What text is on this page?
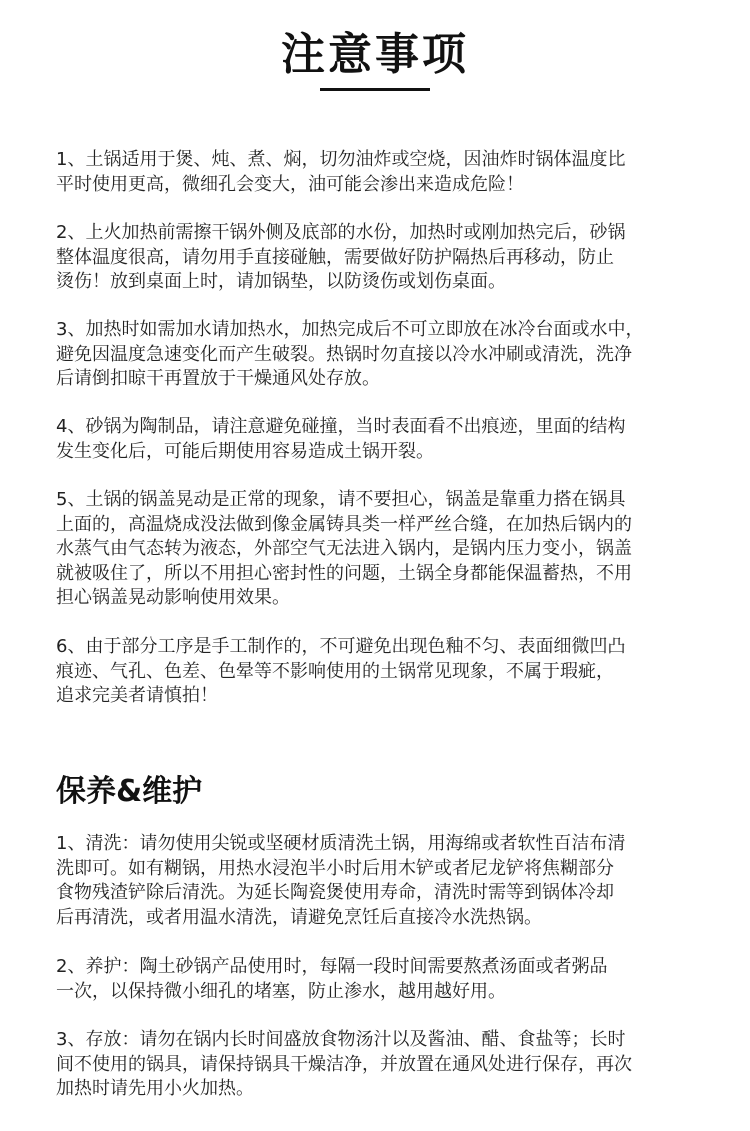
注意事项

1、土锅适用于煲、炖、煮、焖，切勿油炸或空烧，因油炸时锅体温度比
平时使用更高，微细孔会变大，油可能会渗出来造成危险！

2、上火加热前需擦干锅外侧及底部的水份，加热时或刚加热完后，砂锅
整体温度很高，请勿用手直接碰触，需要做好防护隔热后再移动，防止
烫伤！放到桌面上时，请加锅垫，以防烫伤或划伤桌面。

3、加热时如需加水请加热水，加热完成后不可立即放在冰冷台面或水中，
避免因温度急速变化而产生破裂。热锅时勿直接以冷水冲刷或清洗，洗净
后请倒扣晾干再置放于干燥通风处存放。

4、砂锅为陶制品，请注意避免碰撞，当时表面看不出痕迹，里面的结构
发生变化后，可能后期使用容易造成土锅开裂。

5、土锅的锅盖晃动是正常的现象，请不要担心，锅盖是靠重力搭在锅具
上面的，高温烧成没法做到像金属铸具类一样严丝合缝，在加热后锅内的
水蒸气由气态转为液态，外部空气无法进入锅内，是锅内压力变小，锅盖
就被吸住了，所以不用担心密封性的问题，土锅全身都能保温蓄热，不用
担心锅盖晃动影响使用效果。

6、由于部分工序是手工制作的，不可避免出现色釉不匀、表面细微凹凸
痕迹、气孔、色差、色晕等不影响使用的土锅常见现象，不属于瑕疵，
追求完美者请慎拍！

保养&维护

1、清洗：请勿使用尖锐或坚硬材质清洗土锅，用海绵或者软性百洁布清
洗即可。如有糊锅，用热水浸泡半小时后用木铲或者尼龙铲将焦糊部分
食物残渣铲除后清洗。为延长陶瓷煲使用寿命，清洗时需等到锅体冷却
后再清洗，或者用温水清洗，请避免烹饪后直接冷水洗热锅。

2、养护：陶土砂锅产品使用时，每隔一段时间需要熬煮汤面或者粥品
一次，以保持微小细孔的堵塞，防止渗水，越用越好用。

3、存放：请勿在锅内长时间盛放食物汤汁以及酱油、醋、食盐等；长时
间不使用的锅具，请保持锅具干燥洁净，并放置在通风处进行保存，再次
加热时请先用小火加热。
